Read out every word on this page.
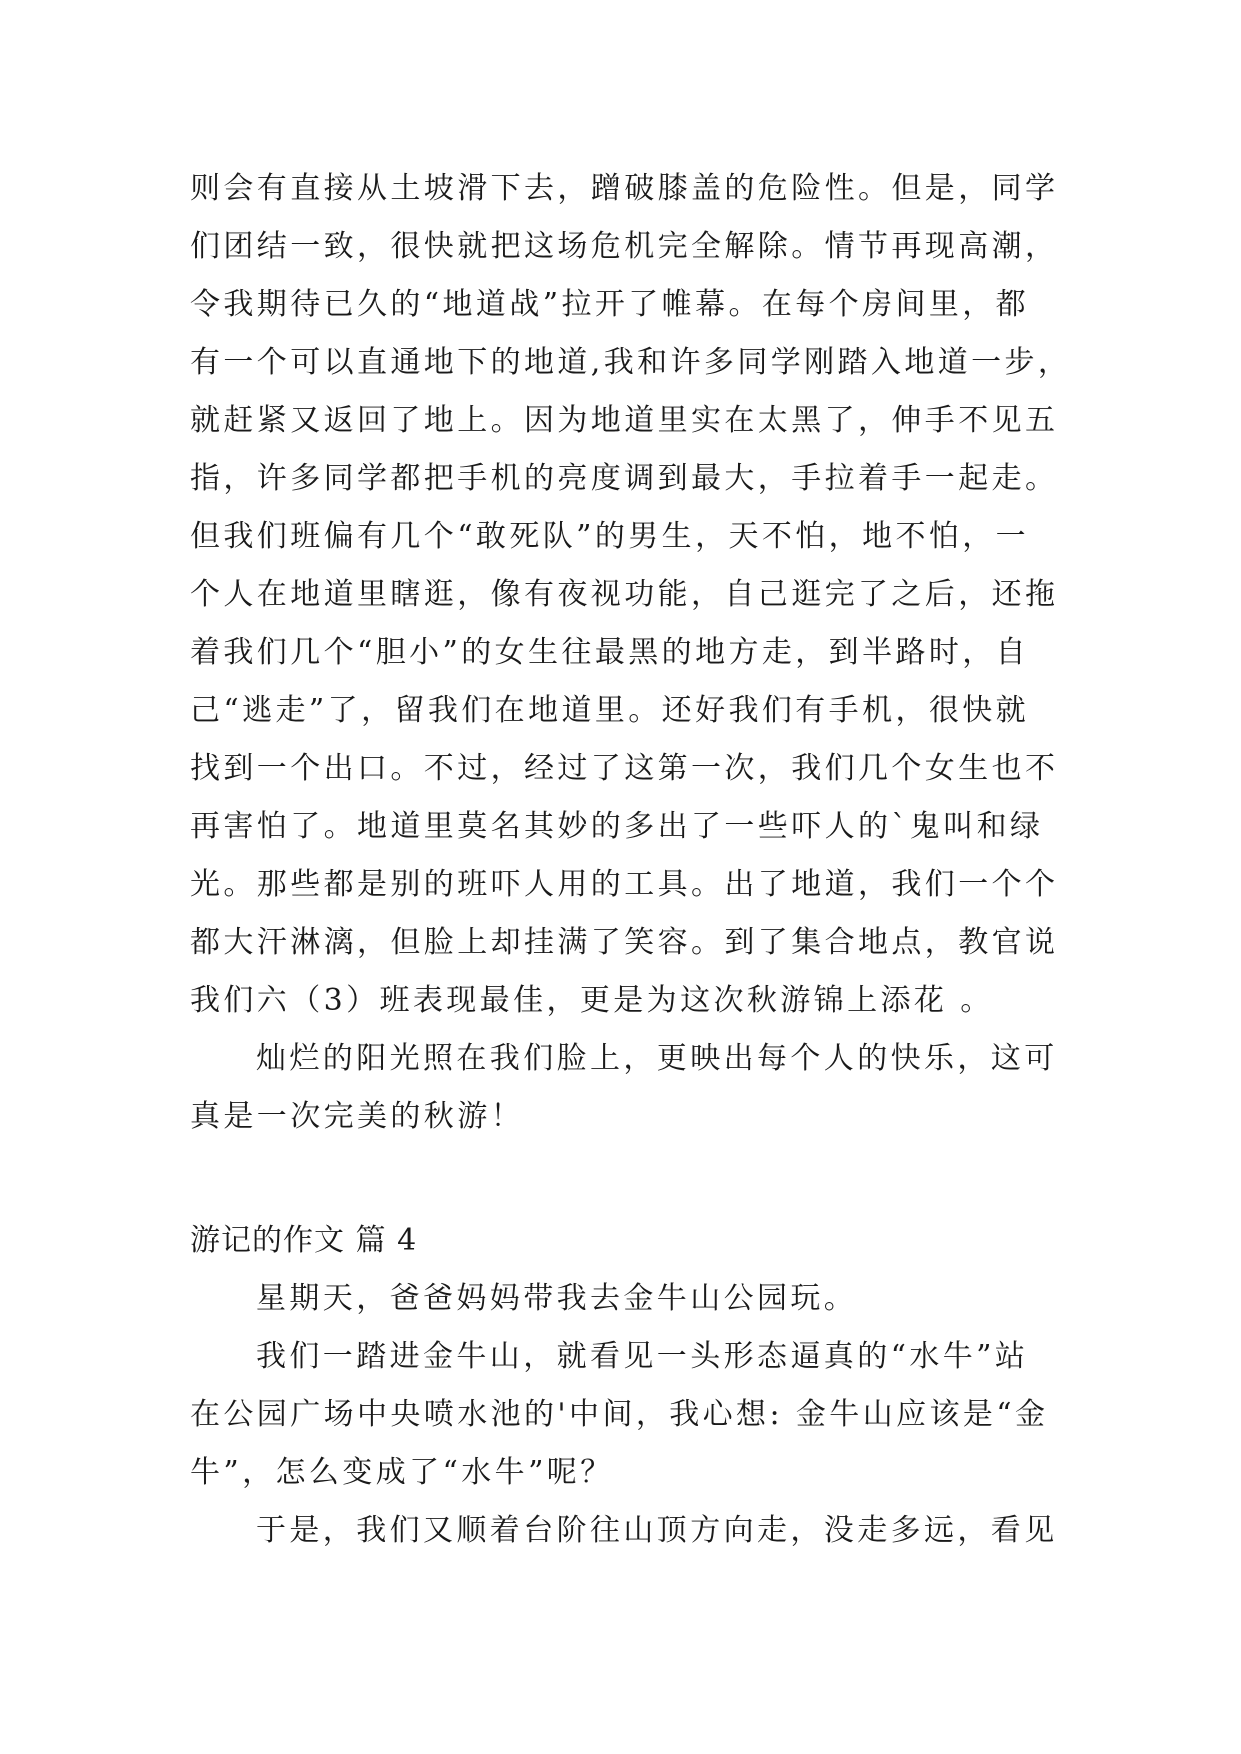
则会有直接从土坡滑下去，蹭破膝盖的危险性。但是，同学
们团结一致，很快就把这场危机完全解除。情节再现高潮，
令我期待已久的“地道战”拉开了帷幕。在每个房间里，都
有一个可以直通地下的地道,我和许多同学刚踏入地道一步，
就赶紧又返回了地上。因为地道里实在太黑了，伸手不见五
指，许多同学都把手机的亮度调到最大，手拉着手一起走。
但我们班偏有几个“敢死队”的男生，天不怕，地不怕，一
个人在地道里瞎逛，像有夜视功能，自己逛完了之后，还拖
着我们几个“胆小”的女生往最黑的地方走，到半路时，自
己“逃走”了，留我们在地道里。还好我们有手机，很快就
找到一个出口。不过，经过了这第一次，我们几个女生也不
再害怕了。地道里莫名其妙的多出了一些吓人的`鬼叫和绿
光。那些都是别的班吓人用的工具。出了地道，我们一个个
都大汗淋漓，但脸上却挂满了笑容。到了集合地点，教官说
我们六（3）班表现最佳，更是为这次秋游锦上添花 。
灿烂的阳光照在我们脸上，更映出每个人的快乐，这可
真是一次完美的秋游！
游记的作文 篇 4
星期天，爸爸妈妈带我去金牛山公园玩。
我们一踏进金牛山，就看见一头形态逼真的“水牛”站
在公园广场中央喷水池的'中间，我心想: 金牛山应该是“金
牛”，怎么变成了“水牛”呢？
于是，我们又顺着台阶往山顶方向走，没走多远，看见
